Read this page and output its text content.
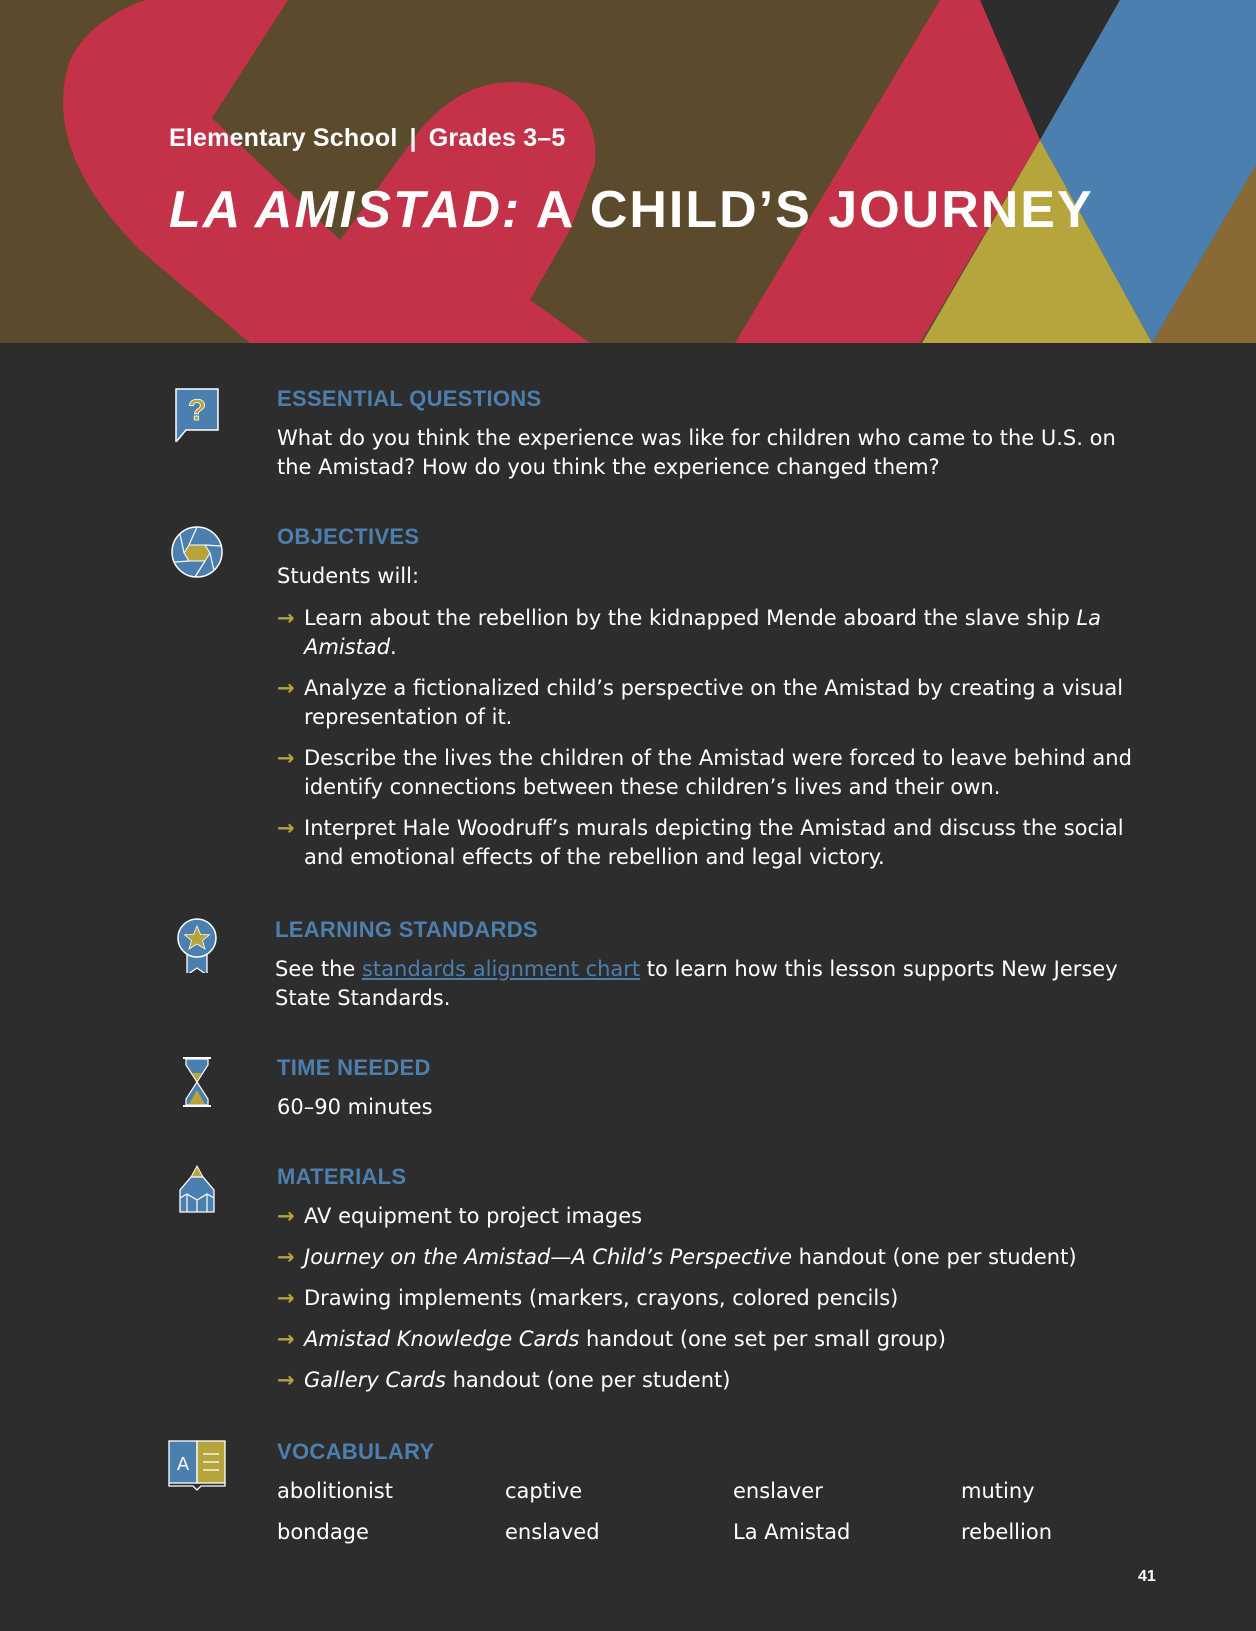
Elementary School | Grades 3–5

LA AMISTAD: A CHILD’S JOURNEY
?	ESSENTIAL QUESTIONS

What do you think the experience was like for children who came to the U.S. on the Amistad? How do you think the experience changed them?

OBJECTIVES

Students will:

→ Learn about the rebellion by the kidnapped Mende aboard the slave ship La Amistad.
→ Analyze a fictionalized child’s perspective on the Amistad by creating a visual representation of it.
→ Describe the lives the children of the Amistad were forced to leave behind and identify connections between these children’s lives and their own.
→ Interpret Hale Woodruff’s murals depicting the Amistad and discuss the social and emotional effects of the rebellion and legal victory.
LEARNING STANDARDS

See the standards alignment chart to learn how this lesson supports New Jersey State Standards.

TIME NEEDED

60–90 minutes

MATERIALS
→ AV equipment to project images
→ Journey on the Amistad—A Child’s Perspective handout (one per student)
→ Drawing implements (markers, crayons, colored pencils)
→ Amistad Knowledge Cards handout (one set per small group)
→ Gallery Cards handout (one per student)
A
VOCABULARY
abolitionist	captive	enslaver	mutiny
bondage	enslaved	La Amistad	rebellion
41
